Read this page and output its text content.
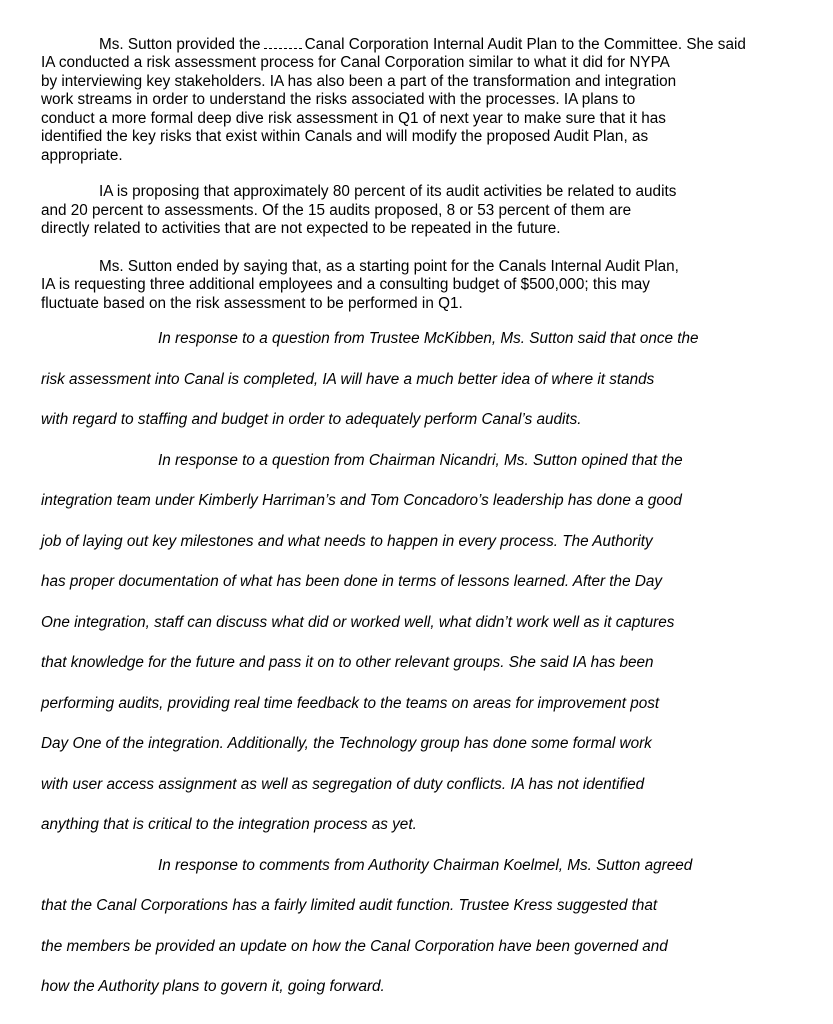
Ms. Sutton provided the	Canal Corporation Internal Audit Plan to the Committee. She said
IA conducted a risk assessment process for Canal Corporation similar to what it did for NYPA
by interviewing key stakeholders. IA has also been a part of the transformation and integration
work streams in order to understand the risks associated with the processes. IA plans to
conduct a more formal deep dive risk assessment in Q1 of next year to make sure that it has
identified the key risks that exist within Canals and will modify the proposed Audit Plan, as
appropriate.
IA is proposing that approximately 80 percent of its audit activities be related to audits
and 20 percent to assessments. Of the 15 audits proposed, 8 or 53 percent of them are
directly related to activities that are not expected to be repeated in the future.
Ms. Sutton ended by saying that, as a starting point for the Canals Internal Audit Plan,
IA is requesting three additional employees and a consulting budget of $500,000; this may
fluctuate based on the risk assessment to be performed in Q1.
In response to a question from Trustee McKibben, Ms. Sutton said that once the
risk assessment into Canal is completed, IA will have a much better idea of where it stands
with regard to staffing and budget in order to adequately perform Canal’s audits.
In response to a question from Chairman Nicandri, Ms. Sutton opined that the
integration team under Kimberly Harriman’s and Tom Concadoro’s leadership has done a good
job of laying out key milestones and what needs to happen in every process. The Authority
has proper documentation of what has been done in terms of lessons learned. After the Day
One integration, staff can discuss what did or worked well, what didn’t work well as it captures
that knowledge for the future and pass it on to other relevant groups. She said IA has been
performing audits, providing real time feedback to the teams on areas for improvement post
Day One of the integration. Additionally, the Technology group has done some formal work
with user access assignment as well as segregation of duty conflicts. IA has not identified
anything that is critical to the integration process as yet.
In response to comments from Authority Chairman Koelmel, Ms. Sutton agreed
that the Canal Corporations has a fairly limited audit function. Trustee Kress suggested that
the members be provided an update on how the Canal Corporation have been governed and
how the Authority plans to govern it, going forward.
